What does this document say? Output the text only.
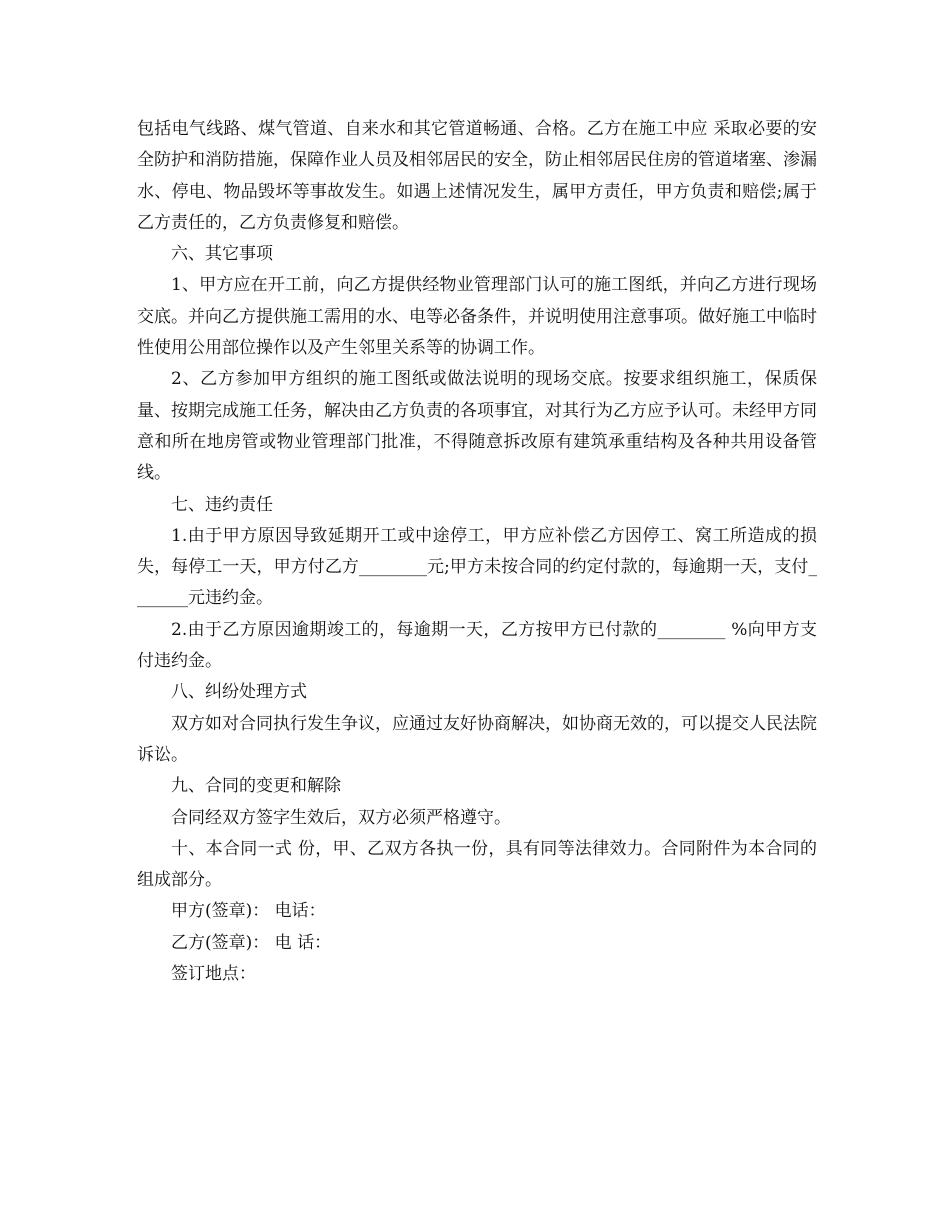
包括电气线路、煤气管道、自来水和其它管道畅通、合格。乙方在施工中应 采取必要的安全防护和消防措施，保障作业人员及相邻居民的安全，防止相邻居民住房的管道堵塞、渗漏水、停电、物品毁坏等事故发生。如遇上述情况发生，属甲方责任，甲方负责和赔偿;属于乙方责任的，乙方负责修复和赔偿。

六、其它事项

1、甲方应在开工前，向乙方提供经物业管理部门认可的施工图纸，并向乙方进行现场交底。并向乙方提供施工需用的水、电等必备条件，并说明使用注意事项。做好施工中临时性使用公用部位操作以及产生邻里关系等的协调工作。

2、乙方参加甲方组织的施工图纸或做法说明的现场交底。按要求组织施工，保质保量、按期完成施工任务，解决由乙方负责的各项事宜，对其行为乙方应予认可。未经甲方同意和所在地房管或物业管理部门批准，不得随意拆改原有建筑承重结构及各种共用设备管线。

七、违约责任

1.由于甲方原因导致延期开工或中途停工，甲方应补偿乙方因停工、窝工所造成的损失，每停工一天，甲方付乙方________元;甲方未按合同的约定付款的，每逾期一天，支付_______元违约金。

2.由于乙方原因逾期竣工的，每逾期一天，乙方按甲方已付款的________ %向甲方支付违约金。

八、纠纷处理方式

双方如对合同执行发生争议，应通过友好协商解决，如协商无效的，可以提交人民法院诉讼。

九、合同的变更和解除

合同经双方签字生效后，双方必须严格遵守。

十、本合同一式 份，甲、乙双方各执一份，具有同等法律效力。合同附件为本合同的组成部分。

甲方(签章)： 电话：

乙方(签章)： 电 话：

签订地点：
